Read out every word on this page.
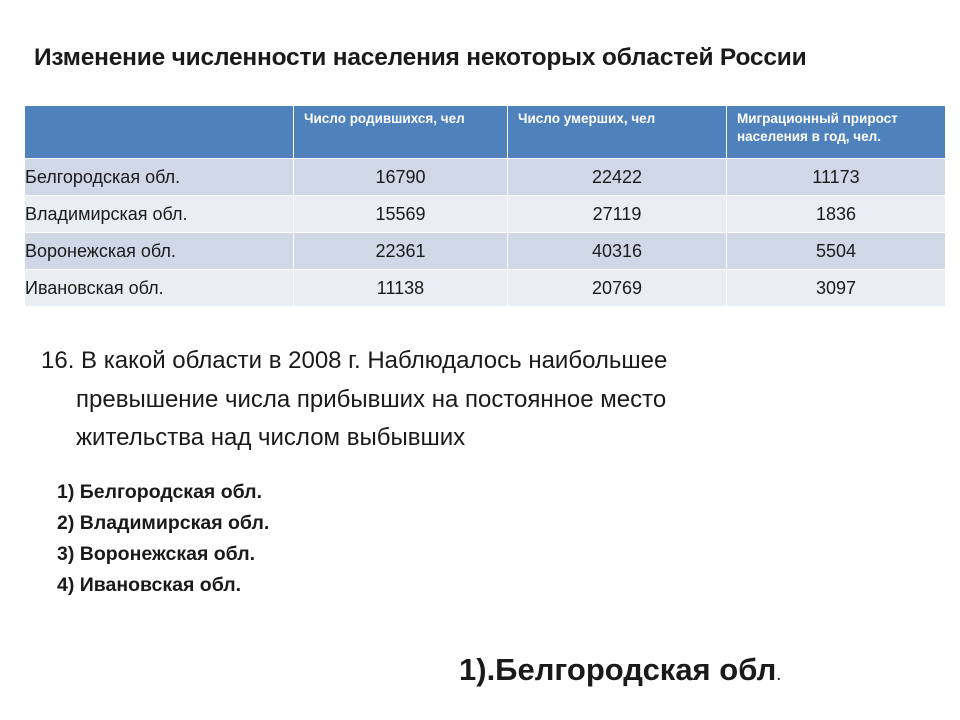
Изменение численности населения некоторых областей России
	Число родившихся, чел	Число умерших, чел	Миграционный прирост населения в год, чел.
Белгородская обл.	16790	22422	11173
Владимирская обл.	15569	27119	1836
Воронежская обл.	22361	40316	5504
Ивановская обл.	11138	20769	3097
16. В какой области в 2008 г. Наблюдалось наибольшее
превышение числа прибывших на постоянное место
жительства над числом выбывших
1) Белгородская обл.
2) Владимирская обл.
3) Воронежская обл.
4) Ивановская обл.
1).Белгородская обл.
